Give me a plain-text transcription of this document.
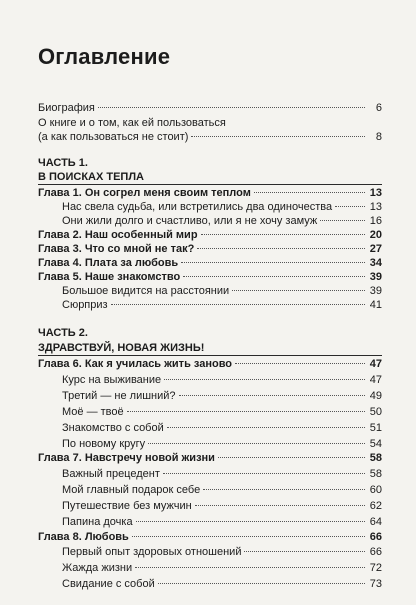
Оглавление
Биография	6
О книге и о том, как ей пользоваться
(а как пользоваться не стоит)	8
ЧАСТЬ 1.
В ПОИСКАХ ТЕПЛА
Глава 1. Он согрел меня своим теплом	13
Нас свела судьба, или встретились два одиночества	13
Они жили долго и счастливо, или я не хочу замуж	16
Глава 2. Наш особенный мир	20
Глава 3. Что со мной не так?	27
Глава 4. Плата за любовь	34
Глава 5. Наше знакомство	39
Большое видится на расстоянии	39
Сюрприз	41
ЧАСТЬ 2.
ЗДРАВСТВУЙ, НОВАЯ ЖИЗНЬ!
Глава 6. Как я училась жить заново	47
Курс на выживание	47
Третий — не лишний?	49
Моё — твоё	50
Знакомство с собой	51
По новому кругу	54
Глава 7. Навстречу новой жизни	58
Важный прецедент	58
Мой главный подарок себе	60
Путешествие без мужчин	62
Папина дочка	64
Глава 8. Любовь	66
Первый опыт здоровых отношений	66
Жажда жизни	72
Свидание с собой	73
